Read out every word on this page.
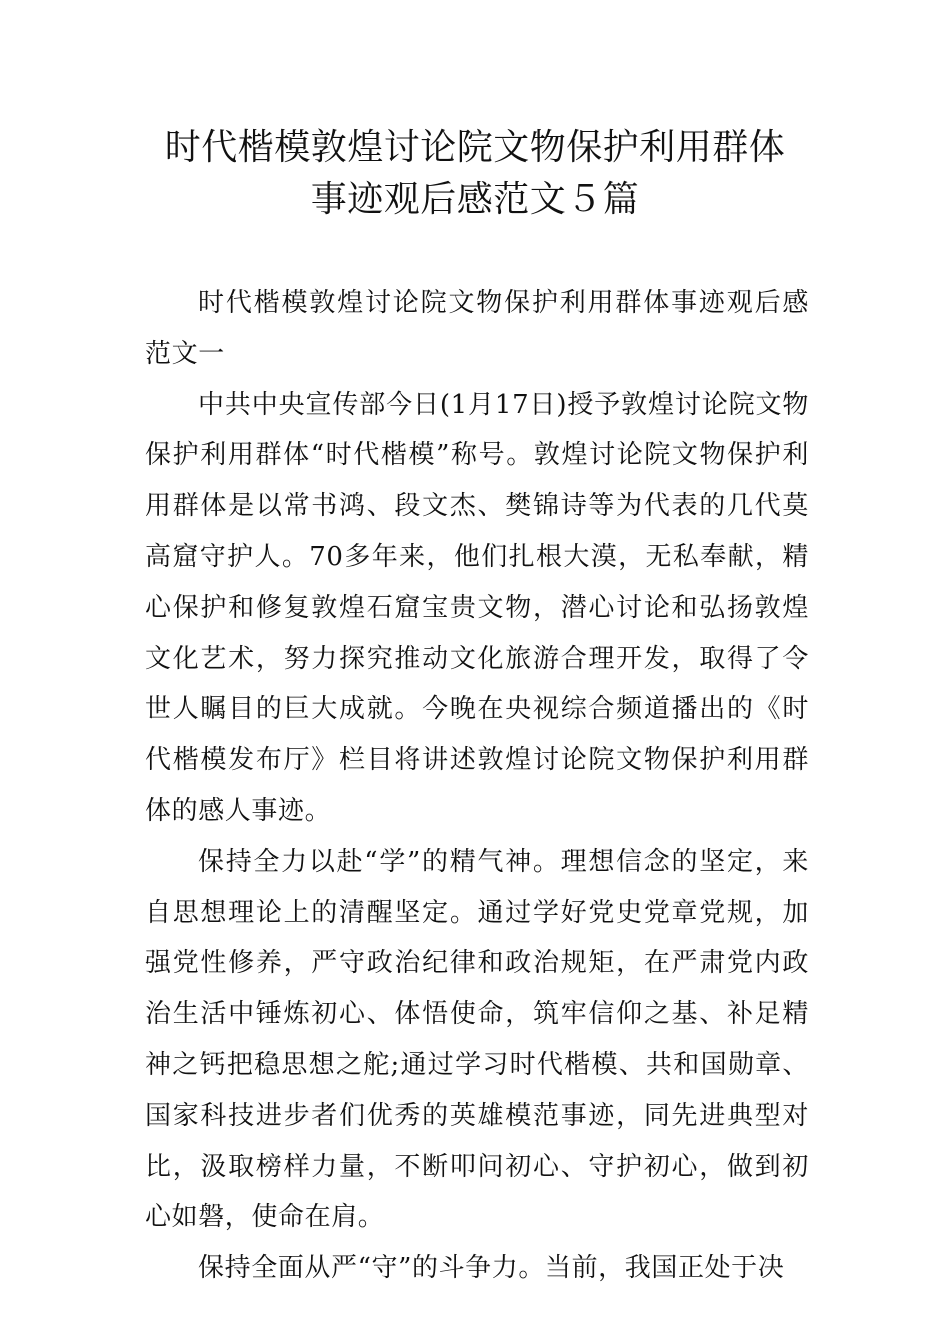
时代楷模敦煌讨论院文物保护利用群体
事迹观后感范文５篇

时代楷模敦煌讨论院文物保护利用群体事迹观后感范文一

中共中央宣传部今日(1月17日)授予敦煌讨论院文物保护利用群体“时代楷模”称号。敦煌讨论院文物保护利用群体是以常书鸿、段文杰、樊锦诗等为代表的几代莫高窟守护人。70多年来，他们扎根大漠，无私奉献，精心保护和修复敦煌石窟宝贵文物，潜心讨论和弘扬敦煌文化艺术，努力探究推动文化旅游合理开发，取得了令世人瞩目的巨大成就。今晚在央视综合频道播出的《时代楷模发布厅》栏目将讲述敦煌讨论院文物保护利用群体的感人事迹。

保持全力以赴“学”的精气神。理想信念的坚定，来自思想理论上的清醒坚定。通过学好党史党章党规，加强党性修养，严守政治纪律和政治规矩，在严肃党内政治生活中锤炼初心、体悟使命，筑牢信仰之基、补足精神之钙把稳思想之舵;通过学习时代楷模、共和国勋章、国家科技进步者们优秀的英雄模范事迹，同先进典型对比，汲取榜样力量，不断叩问初心、守护初心，做到初心如磐，使命在肩。

保持全面从严“守”的斗争力。当前，我国正处于决
